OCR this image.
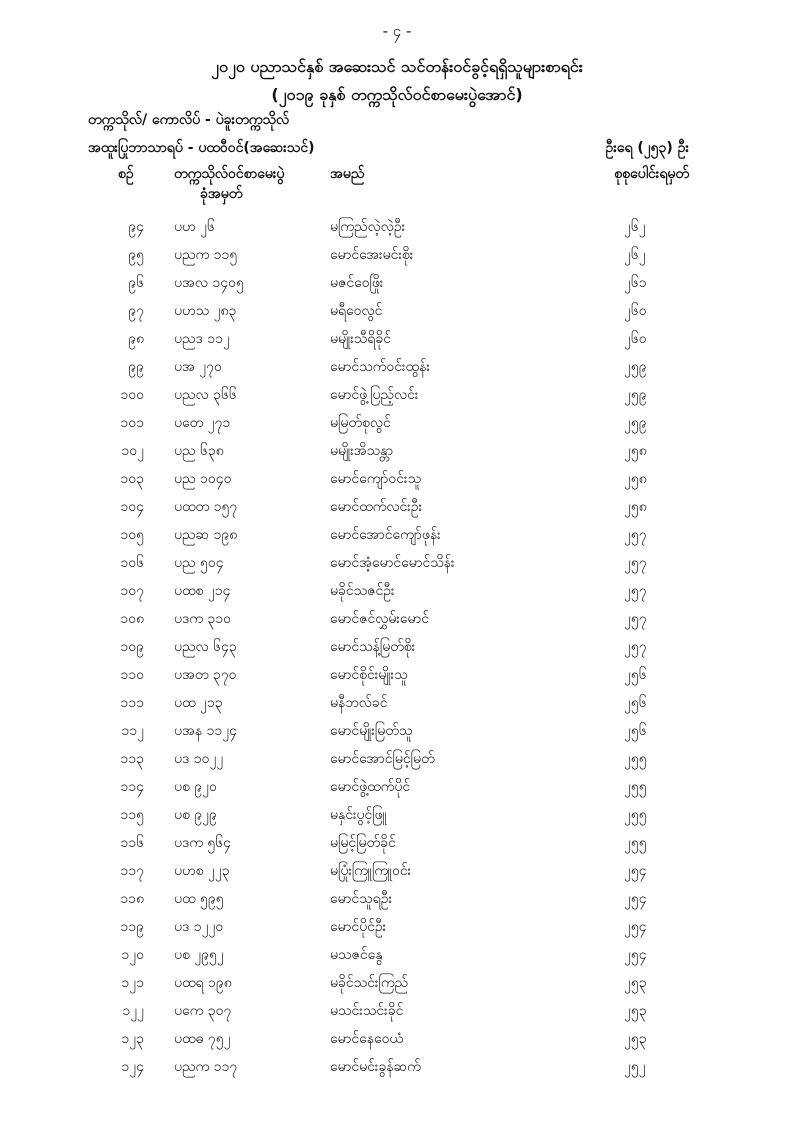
- ၄ -
၂၀၂၀ ပညာသင်နှစ် အဆေးသင် သင်တန်းဝင်ခွင့်ရရှိသူများစာရင်း
(၂၀၁၉ ခုနှစ် တက္ကသိုလ်ဝင်စာမေးပွဲအောင်)
တက္ကသိုလ်/ ကောလိပ် - ပဲခူးတက္ကသိုလ်
အထူးပြုဘာသာရပ် - ပထဝီဝင်(အဆေးသင်)	ဦးရေ (၂၅၃) ဦး
စဉ်	တက္ကသိုလ်ဝင်စာမေးပွဲ
ခုံအမှတ်
အမည်	စုစုပေါင်းရမှတ်
၉၄ ပဟ ၂၆	မကြည်လဲ့လဲ့ဦး	၂၆၂
၉၅ ပညက ၁၁၅	မောင်အေးမင်းစိုး	၂၆၂
၉၆ ပအလ ၁၄၀၅	မဇင်ဝေဖြိုး	၂၆၁
၉၇ ပဟသ ၂၈၃	မရီဝေလွင်	၂၆၀
၉၈ ပညဒ ၁၁၂	မမျိုးသီရိခိုင်	၂၆၀
၉၉ ပအ ၂၇၀	မောင်သက်ဝင်းထွန်း	၂၅၉
၁၀၀ ပညလ ၃၆၆	မောင်ဖွဲ့ပြည့်လင်း	၂၅၉
၁၀၁ ပတေ ၂၇၁	မမြတ်စုလွင်	၂၅၉
၁၀၂ ပည ၆၃၈	မမျိုးအိသန္တာ	၂၅၈
၁၀၃ ပည ၁၀၄၀	မောင်ကျော်ဝင်းသူ	၂၅၈
၁၀၄ ပထတ ၁၅၇	မောင်ထက်လင်းဦး	၂၅၈
၁၀၅ ပညဆ ၁၉၈	မောင်အောင်ကျော်ဖုန်း	၂၅၇
၁၀၆ ပည ၅၀၄	မောင်အံ့မောင်မောင်သိန်း	၂၅၇
၁၀၇ ပထစ ၂၁၄	မခိုင်သဇင်ဦး	၂၅၇
၁၀၈ ပဒက ၃၁၀	မောင်ဇင်လွှမ်းမောင်	၂၅၇
၁၀၉ ပညလ ၆၄၃	မောင်သန့်မြတ်စိုး	၂၅၇
၁၁၀ ပအတ ၃၇၀	မောင်စိုင်းမျိုးသူ	၂၅၆
၁၁၁ ပထ ၂၁၃	မနီဘလ်ခင်	၂၅၆
၁၁၂ ပအန ၁၁၂၄	မောင်မျိုးမြတ်သူ	၂၅၆
၁၁၃ ပဒ ၁၀၂၂	မောင်အောင်မြင့်မြတ်	၂၅၅
၁၁၄ ပစ ၉၂၀	မောင်ဖွဲ့ထက်ပိုင်	၂၅၅
၁၁၅ ပစ ၉၂၉	မနှင်းပွင့်ဖြူ	၂၅၅
၁၁၆ ပဒက ၅၆၄	မမြင့်မြတ်ခိုင်	၂၅၅
၁၁၇ ပဟစ ၂၂၃	မပြုံးကြူကြူဝင်း	၂၅၄
၁၁၈ ပထ ၅၉၅	မောင်သူရဦး	၂၅၄
၁၁၉ ပဒ ၁၂၂၀	မောင်ပိုင်ဦး	၂၅၄
၁၂၀ ပစ ၂၉၅၂	မသဇင်နွေ	၂၅၄
၁၂၁ ပထရ ၁၉၈	မခိုင်သင်းကြည်	၂၅၃
၁၂၂ ပကေ ၃၀၇	မသင်းသင်းခိုင်	၂၅၃
၁၂၃ ပထဓ ၇၅၂	မောင်နေဝေယံ	၂၅၃
၁၂၄ ပညက ၁၁၇	မောင်မင်းခွန်ဆက်	၂၅၂
